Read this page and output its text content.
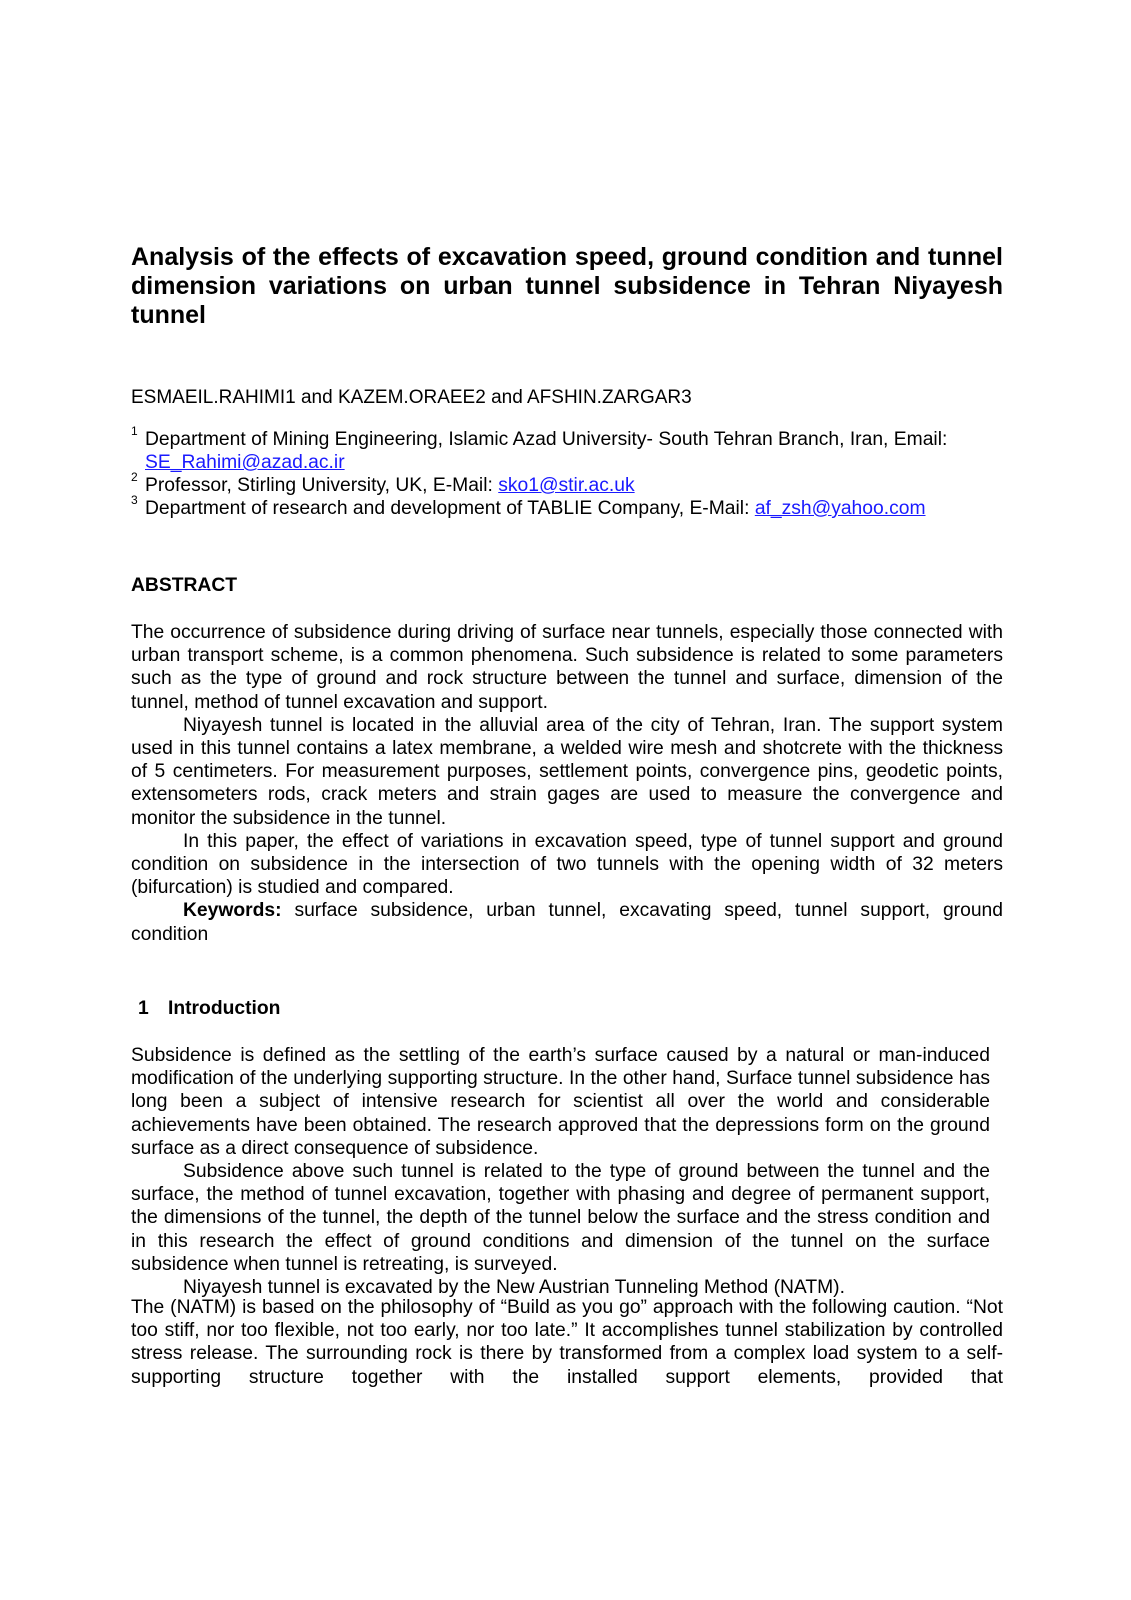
Analysis of the effects of excavation speed, ground condition and tunnel dimension variations on urban tunnel subsidence in Tehran Niyayesh tunnel

ESMAEIL.RAHIMI1 and KAZEM.ORAEE2 and AFSHIN.ZARGAR3

1 Department of Mining Engineering, Islamic Azad University- South Tehran Branch, Iran, Email:
SE_Rahimi@azad.ac.ir

2 Professor, Stirling University, UK, E-Mail: sko1@stir.ac.uk

3 Department of research and development of TABLIE Company, E-Mail: af_zsh@yahoo.com

ABSTRACT

The occurrence of subsidence during driving of surface near tunnels, especially those connected with urban transport scheme, is a common phenomena. Such subsidence is related to some parameters such as the type of ground and rock structure between the tunnel and surface, dimension of the tunnel, method of tunnel excavation and support.

Niyayesh tunnel is located in the alluvial area of the city of Tehran, Iran. The support system used in this tunnel contains a latex membrane, a welded wire mesh and shotcrete with the thickness of 5 centimeters. For measurement purposes, settlement points, convergence pins, geodetic points, extensometers rods, crack meters and strain gages are used to measure the convergence and monitor the subsidence in the tunnel.

In this paper, the effect of variations in excavation speed, type of tunnel support and ground condition on subsidence in the intersection of two tunnels with the opening width of 32 meters (bifurcation) is studied and compared.

Keywords: surface subsidence, urban tunnel, excavating speed, tunnel support, ground condition

1 Introduction

Subsidence is defined as the settling of the earth’s surface caused by a natural or man-induced modification of the underlying supporting structure. In the other hand, Surface tunnel subsidence has long been a subject of intensive research for scientist all over the world and considerable achievements have been obtained. The research approved that the depressions form on the ground surface as a direct consequence of subsidence.

Subsidence above such tunnel is related to the type of ground between the tunnel and the surface, the method of tunnel excavation, together with phasing and degree of permanent support, the dimensions of the tunnel, the depth of the tunnel below the surface and the stress condition and in this research the effect of ground conditions and dimension of the tunnel on the surface subsidence when tunnel is retreating, is surveyed.

Niyayesh tunnel is excavated by the New Austrian Tunneling Method (NATM).

The (NATM) is based on the philosophy of “Build as you go” approach with the following caution. “Not too stiff, nor too flexible, not too early, nor too late.” It accomplishes tunnel stabilization by controlled stress release. The surrounding rock is there by transformed from a complex load system to a self-supporting structure together with the installed support elements, provided that
